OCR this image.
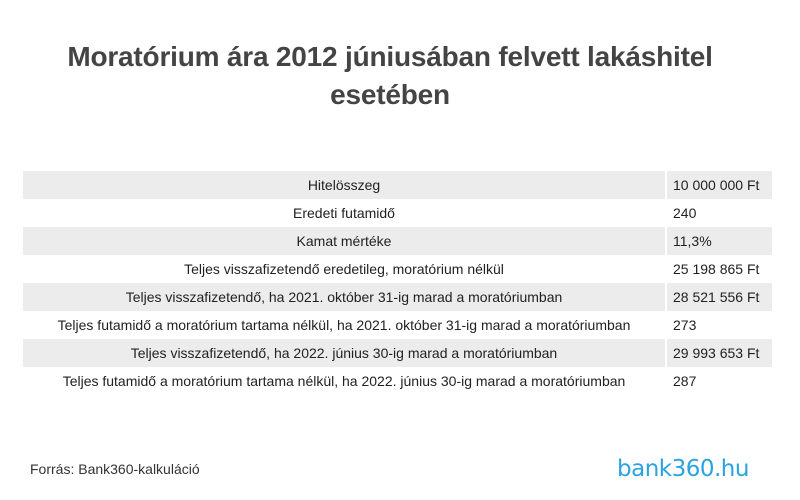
Moratórium ára 2012 júniusában felvett lakáshitel esetében
Hitelösszeg		10 000 000 Ft
Eredeti futamidő		240
Kamat mértéke		11,3%
Teljes visszafizetendő eredetileg, moratórium nélkül		25 198 865 Ft
Teljes visszafizetendő, ha 2021. október 31-ig marad a moratóriumban		28 521 556 Ft
Teljes futamidő a moratórium tartama nélkül, ha 2021. október 31-ig marad a moratóriumban		273
Teljes visszafizetendő, ha 2022. június 30-ig marad a moratóriumban		29 993 653 Ft
Teljes futamidő a moratórium tartama nélkül, ha 2022. június 30-ig marad a moratóriumban		287
Forrás: Bank360-kalkuláció	bank360.hu
